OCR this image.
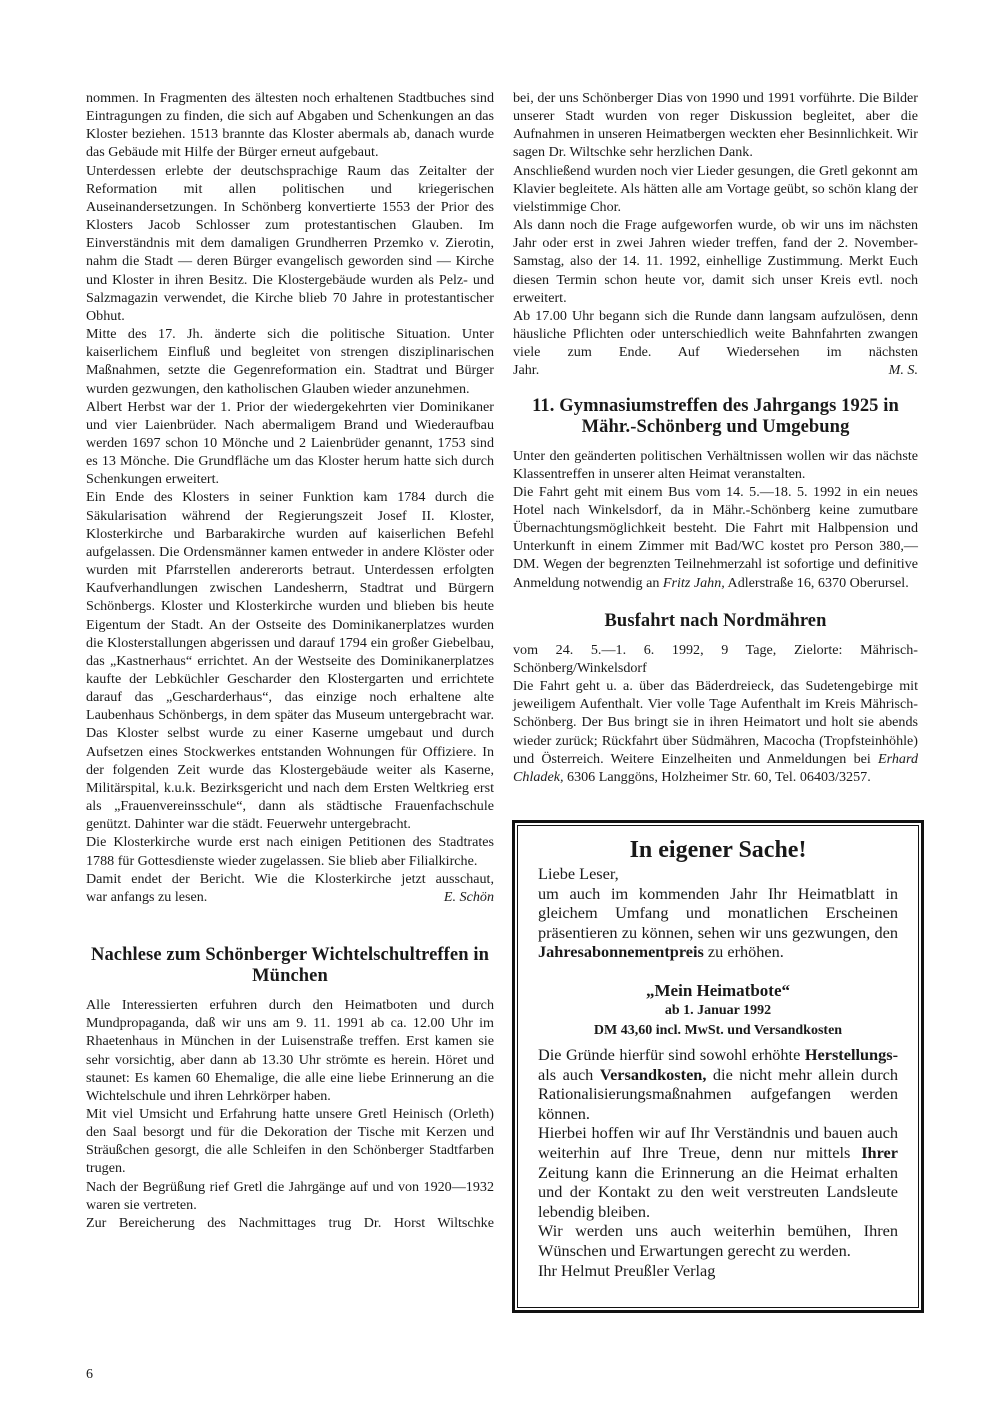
nommen. In Fragmenten des ältesten noch erhaltenen Stadtbuches sind Eintragungen zu finden, die sich auf Abgaben und Schenkungen an das Kloster beziehen. 1513 brannte das Kloster abermals ab, danach wurde das Gebäude mit Hilfe der Bürger erneut aufgebaut.

Unterdessen erlebte der deutschsprachige Raum das Zeitalter der Reformation mit allen politischen und kriegerischen Auseinandersetzungen. In Schönberg konvertierte 1553 der Prior des Klosters Jacob Schlosser zum protestantischen Glauben. Im Einverständnis mit dem damaligen Grundherren Przemko v. Zierotin, nahm die Stadt — deren Bürger evangelisch geworden sind — Kirche und Kloster in ihren Besitz. Die Klostergebäude wurden als Pelz- und Salzmagazin verwendet, die Kirche blieb 70 Jahre in protestantischer Obhut.

Mitte des 17. Jh. änderte sich die politische Situation. Unter kaiserlichem Einfluß und begleitet von strengen disziplinarischen Maßnahmen, setzte die Gegenreformation ein. Stadtrat und Bürger wurden gezwungen, den katholischen Glauben wieder anzunehmen.

Albert Herbst war der 1. Prior der wiedergekehrten vier Dominikaner und vier Laienbrüder. Nach abermaligem Brand und Wiederaufbau werden 1697 schon 10 Mönche und 2 Laienbrüder genannt, 1753 sind es 13 Mönche. Die Grundfläche um das Kloster herum hatte sich durch Schenkungen erweitert.

Ein Ende des Klosters in seiner Funktion kam 1784 durch die Säkularisation während der Regierungszeit Josef II. Kloster, Klosterkirche und Barbarakirche wurden auf kaiserlichen Befehl aufgelassen. Die Ordensmänner kamen entweder in andere Klöster oder wurden mit Pfarrstellen andererorts betraut. Unterdessen erfolgten Kaufverhandlungen zwischen Landesherrn, Stadtrat und Bürgern Schönbergs. Kloster und Klosterkirche wurden und blieben bis heute Eigentum der Stadt. An der Ostseite des Dominikanerplatzes wurden die Klosterstallungen abgerissen und darauf 1794 ein großer Giebelbau, das „Kastnerhaus“ errichtet. An der Westseite des Dominikanerplatzes kaufte der Lebküchler Gescharder den Klostergarten und errichtete darauf das „Gescharderhaus“, das einzige noch erhaltene alte Laubenhaus Schönbergs, in dem später das Museum untergebracht war. Das Kloster selbst wurde zu einer Kaserne umgebaut und durch Aufsetzen eines Stockwerkes entstanden Wohnungen für Offiziere. In der folgenden Zeit wurde das Klostergebäude weiter als Kaserne, Militärspital, k.u.k. Bezirksgericht und nach dem Ersten Weltkrieg erst als „Frauenvereinsschule“, dann als städtische Frauenfachschule genützt. Dahinter war die städt. Feuerwehr untergebracht.

Die Klosterkirche wurde erst nach einigen Petitionen des Stadtrates 1788 für Gottesdienste wieder zugelassen. Sie blieb aber Filialkirche.

Damit endet der Bericht. Wie die Klosterkirche jetzt ausschaut,

war anfangs zu lesen.	E. Schön
Nachlese zum Schönberger Wichtelschultreffen in München

Alle Interessierten erfuhren durch den Heimatboten und durch Mundpropaganda, daß wir uns am 9. 11. 1991 ab ca. 12.00 Uhr im Rhaetenhaus in München in der Luisenstraße treffen. Erst kamen sie sehr vorsichtig, aber dann ab 13.30 Uhr strömte es herein. Höret und staunet: Es kamen 60 Ehemalige, die alle eine liebe Erinnerung an die Wichtelschule und ihren Lehrkörper haben.

Mit viel Umsicht und Erfahrung hatte unsere Gretl Heinisch (Orleth) den Saal besorgt und für die Dekoration der Tische mit Kerzen und Sträußchen gesorgt, die alle Schleifen in den Schönberger Stadtfarben trugen.

Nach der Begrüßung rief Gretl die Jahrgänge auf und von 1920—1932 waren sie vertreten.

Zur Bereicherung des Nachmittages trug Dr. Horst Wiltschke

bei, der uns Schönberger Dias von 1990 und 1991 vorführte. Die Bilder unserer Stadt wurden von reger Diskussion begleitet, aber die Aufnahmen in unseren Heimatbergen weckten eher Besinnlichkeit. Wir sagen Dr. Wiltschke sehr herzlichen Dank.

Anschließend wurden noch vier Lieder gesungen, die Gretl gekonnt am Klavier begleitete. Als hätten alle am Vortage geübt, so schön klang der vielstimmige Chor.

Als dann noch die Frage aufgeworfen wurde, ob wir uns im nächsten Jahr oder erst in zwei Jahren wieder treffen, fand der 2. November-Samstag, also der 14. 11. 1992, einhellige Zustimmung. Merkt Euch diesen Termin schon heute vor, damit sich unser Kreis evtl. noch erweitert.

Ab 17.00 Uhr begann sich die Runde dann langsam aufzulösen, denn häusliche Pflichten oder unterschiedlich weite Bahnfahrten zwangen viele zum Ende. Auf Wiedersehen im nächsten

Jahr.	M. S.
11. Gymnasiumstreffen des Jahrgangs 1925 in Mähr.-Schönberg und Umgebung

Unter den geänderten politischen Verhältnissen wollen wir das nächste Klassentreffen in unserer alten Heimat veranstalten.

Die Fahrt geht mit einem Bus vom 14. 5.—18. 5. 1992 in ein neues Hotel nach Winkelsdorf, da in Mähr.-Schönberg keine zumutbare Übernachtungsmöglichkeit besteht. Die Fahrt mit Halbpension und Unterkunft in einem Zimmer mit Bad/WC kostet pro Person 380,— DM. Wegen der begrenzten Teilnehmerzahl ist sofortige und definitive Anmeldung notwendig an Fritz Jahn, Adlerstraße 16, 6370 Oberursel.

Busfahrt nach Nordmähren

vom 24. 5.—1. 6. 1992, 9 Tage, Zielorte: Mährisch-Schönberg/Winkelsdorf

Die Fahrt geht u. a. über das Bäderdreieck, das Sudetengebirge mit jeweiligem Aufenthalt. Vier volle Tage Aufenthalt im Kreis Mährisch-Schönberg. Der Bus bringt sie in ihren Heimatort und holt sie abends wieder zurück; Rückfahrt über Südmähren, Macocha (Tropfsteinhöhle) und Österreich. Weitere Einzelheiten und Anmeldungen bei Erhard Chladek, 6306 Langgöns, Holzheimer Str. 60, Tel. 06403/3257.

In eigener Sache!

Liebe Leser,

um auch im kommenden Jahr Ihr Heimatblatt in gleichem Umfang und monatlichen Erscheinen präsentieren zu können, sehen wir uns gezwungen, den Jahresabonnementpreis zu erhöhen.

„Mein Heimatbote“

ab 1. Januar 1992

DM 43,60 incl. MwSt. und Versandkosten

Die Gründe hierfür sind sowohl erhöhte Herstellungs- als auch Versandkosten, die nicht mehr allein durch Rationalisierungsmaßnahmen aufgefangen werden können.

Hierbei hoffen wir auf Ihr Verständnis und bauen auch weiterhin auf Ihre Treue, denn nur mittels Ihrer Zeitung kann die Erinnerung an die Heimat erhalten und der Kontakt zu den weit verstreuten Landsleute lebendig bleiben.

Wir werden uns auch weiterhin bemühen, Ihren Wünschen und Erwartungen gerecht zu werden.

Ihr Helmut Preußler Verlag

6
